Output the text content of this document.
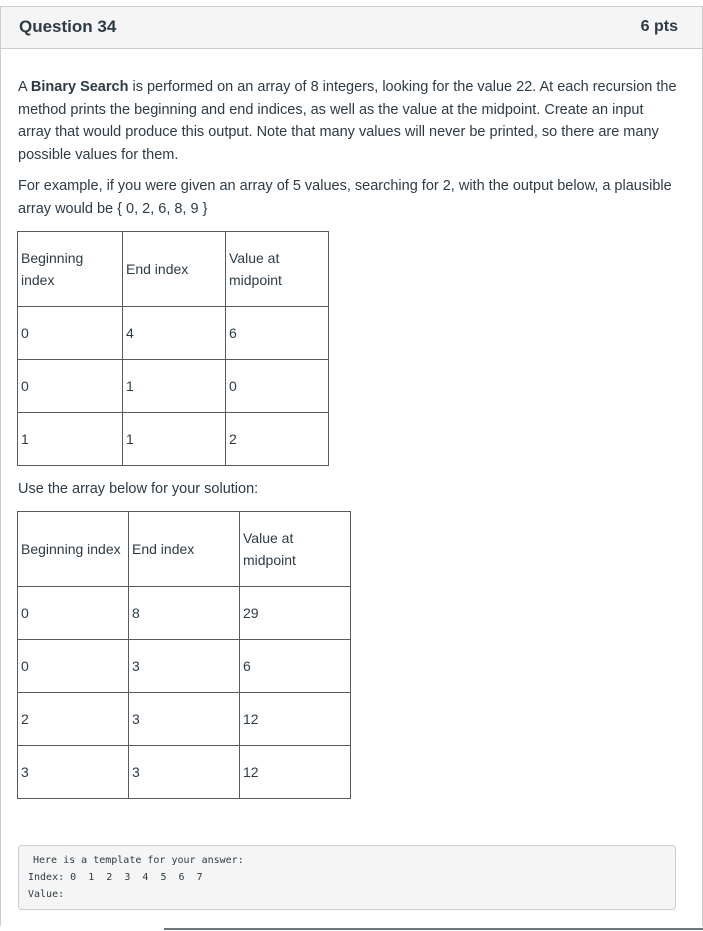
Question 34	6 pts
A Binary Search is performed on an array of 8 integers, looking for the value 22. At each recursion the method prints the beginning and end indices, as well as the value at the midpoint. Create an input array that would produce this output. Note that many values will never be printed, so there are many possible values for them.
For example, if you were given an array of 5 values, searching for 2, with the output below, a plausible array would be { 0, 2, 6, 8, 9 }
Beginning index	End index	Value at midpoint
0	4	6
0	1	0
1	1	2
Use the array below for your solution:
Beginning index	End index	Value at midpoint
0	8	29
0	3	6
2	3	12
3	3	12
Here is a template for your answer:
Index: 0  1  2  3  4  5  6  7
Value:
